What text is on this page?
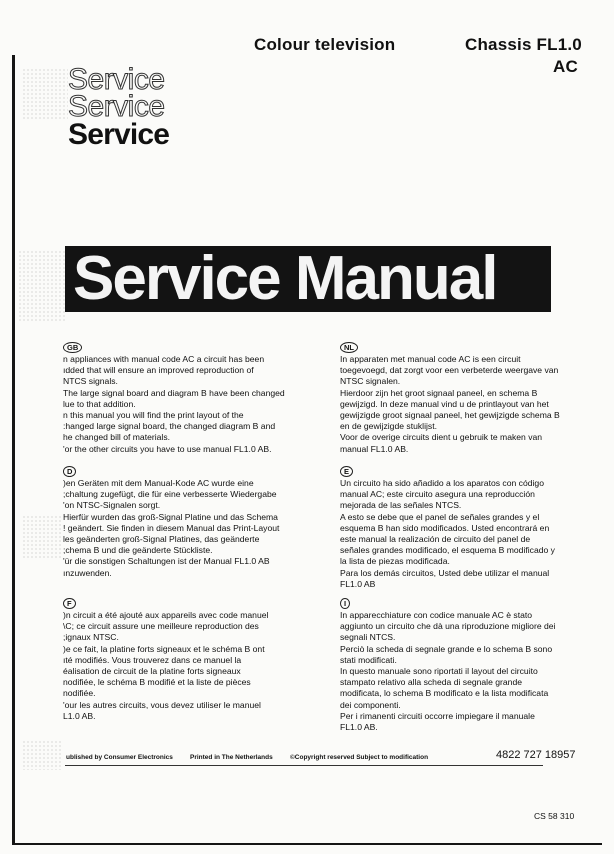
Colour television	Chassis FL1.0
AC
Service
Service
Service
Service Manual
GB

n appliances with manual code AC a circuit has been

ıdded that will ensure an improved reproduction of

NTCS signals.

The large signal board and diagram B have been changed

lue to that addition.

n this manual you will find the print layout of the

:hanged large signal board, the changed diagram B and

he changed bill of materials.

'or the other circuits you have to use manual FL1.0 AB.

D

)en Geräten mit dem Manual-Kode AC wurde eine

;chaltung zugefügt, die für eine verbesserte Wiedergabe

'on NTSC-Signalen sorgt.

Hierfür wurden das groß-Signal Platine und das Schema

! geändert. Sie finden in diesem Manual das Print-Layout

les geänderten groß-Signal Platines, das geänderte

;chema B und die geänderte Stückliste.

'ür die sonstigen Schaltungen ist der Manual FL1.0 AB

ınzuwenden.

F

)n circuit a été ajouté aux appareils avec code manuel

\C; ce circuit assure une meilleure reproduction des

;ignaux NTSC.

)e ce fait, la platine forts signeaux et le schéma B ont

ıté modifiés. Vous trouverez dans ce manuel la

éalisation de circuit de la platine forts signeaux

nodifiée, le schéma B modifié et la liste de pièces

nodifiée.

'our les autres circuits, vous devez utiliser le manuel

L1.0 AB.

NL

In apparaten met manual code AC is een circuit

toegevoegd, dat zorgt voor een verbeterde weergave van

NTSC signalen.

Hierdoor zijn het groot signaal paneel, en schema B

gewijzigd. In deze manual vind u de printlayout van het

gewijzigde groot signaal paneel, het gewijzigde schema B

en de gewijzigde stuklijst.

Voor de overige circuits dient u gebruik te maken van

manual FL1.0 AB.

E

Un circuito ha sido añadido a los aparatos con código

manual AC; este circuito asegura una reproducción

mejorada de las señales NTCS.

A esto se debe que el panel de señales grandes y el

esquema B han sido modificados. Usted encontrará en

este manual la realización de circuito del panel de

señales grandes modificado, el esquema B modificado y

la lista de piezas modificada.

Para los demás circuitos, Usted debe utilizar el manual

FL1.0 AB

I

In apparecchiature con codice manuale AC è stato

aggiunto un circuito che dà una riproduzione migliore dei

segnali NTCS.

Perciò la scheda di segnale grande e lo schema B sono

stati modificati.

In questo manuale sono riportati il layout del circuito

stampato relativo alla scheda di segnale grande

modificata, lo schema B modificato e la lista modificata

dei componenti.

Per i rimanenti circuiti occorre impiegare il manuale

FL1.0 AB.

ublished by Consumer Electronics	Printed in The Netherlands	©Copyright reserved Subject to modification	4822 727 18957
CS 58 310
